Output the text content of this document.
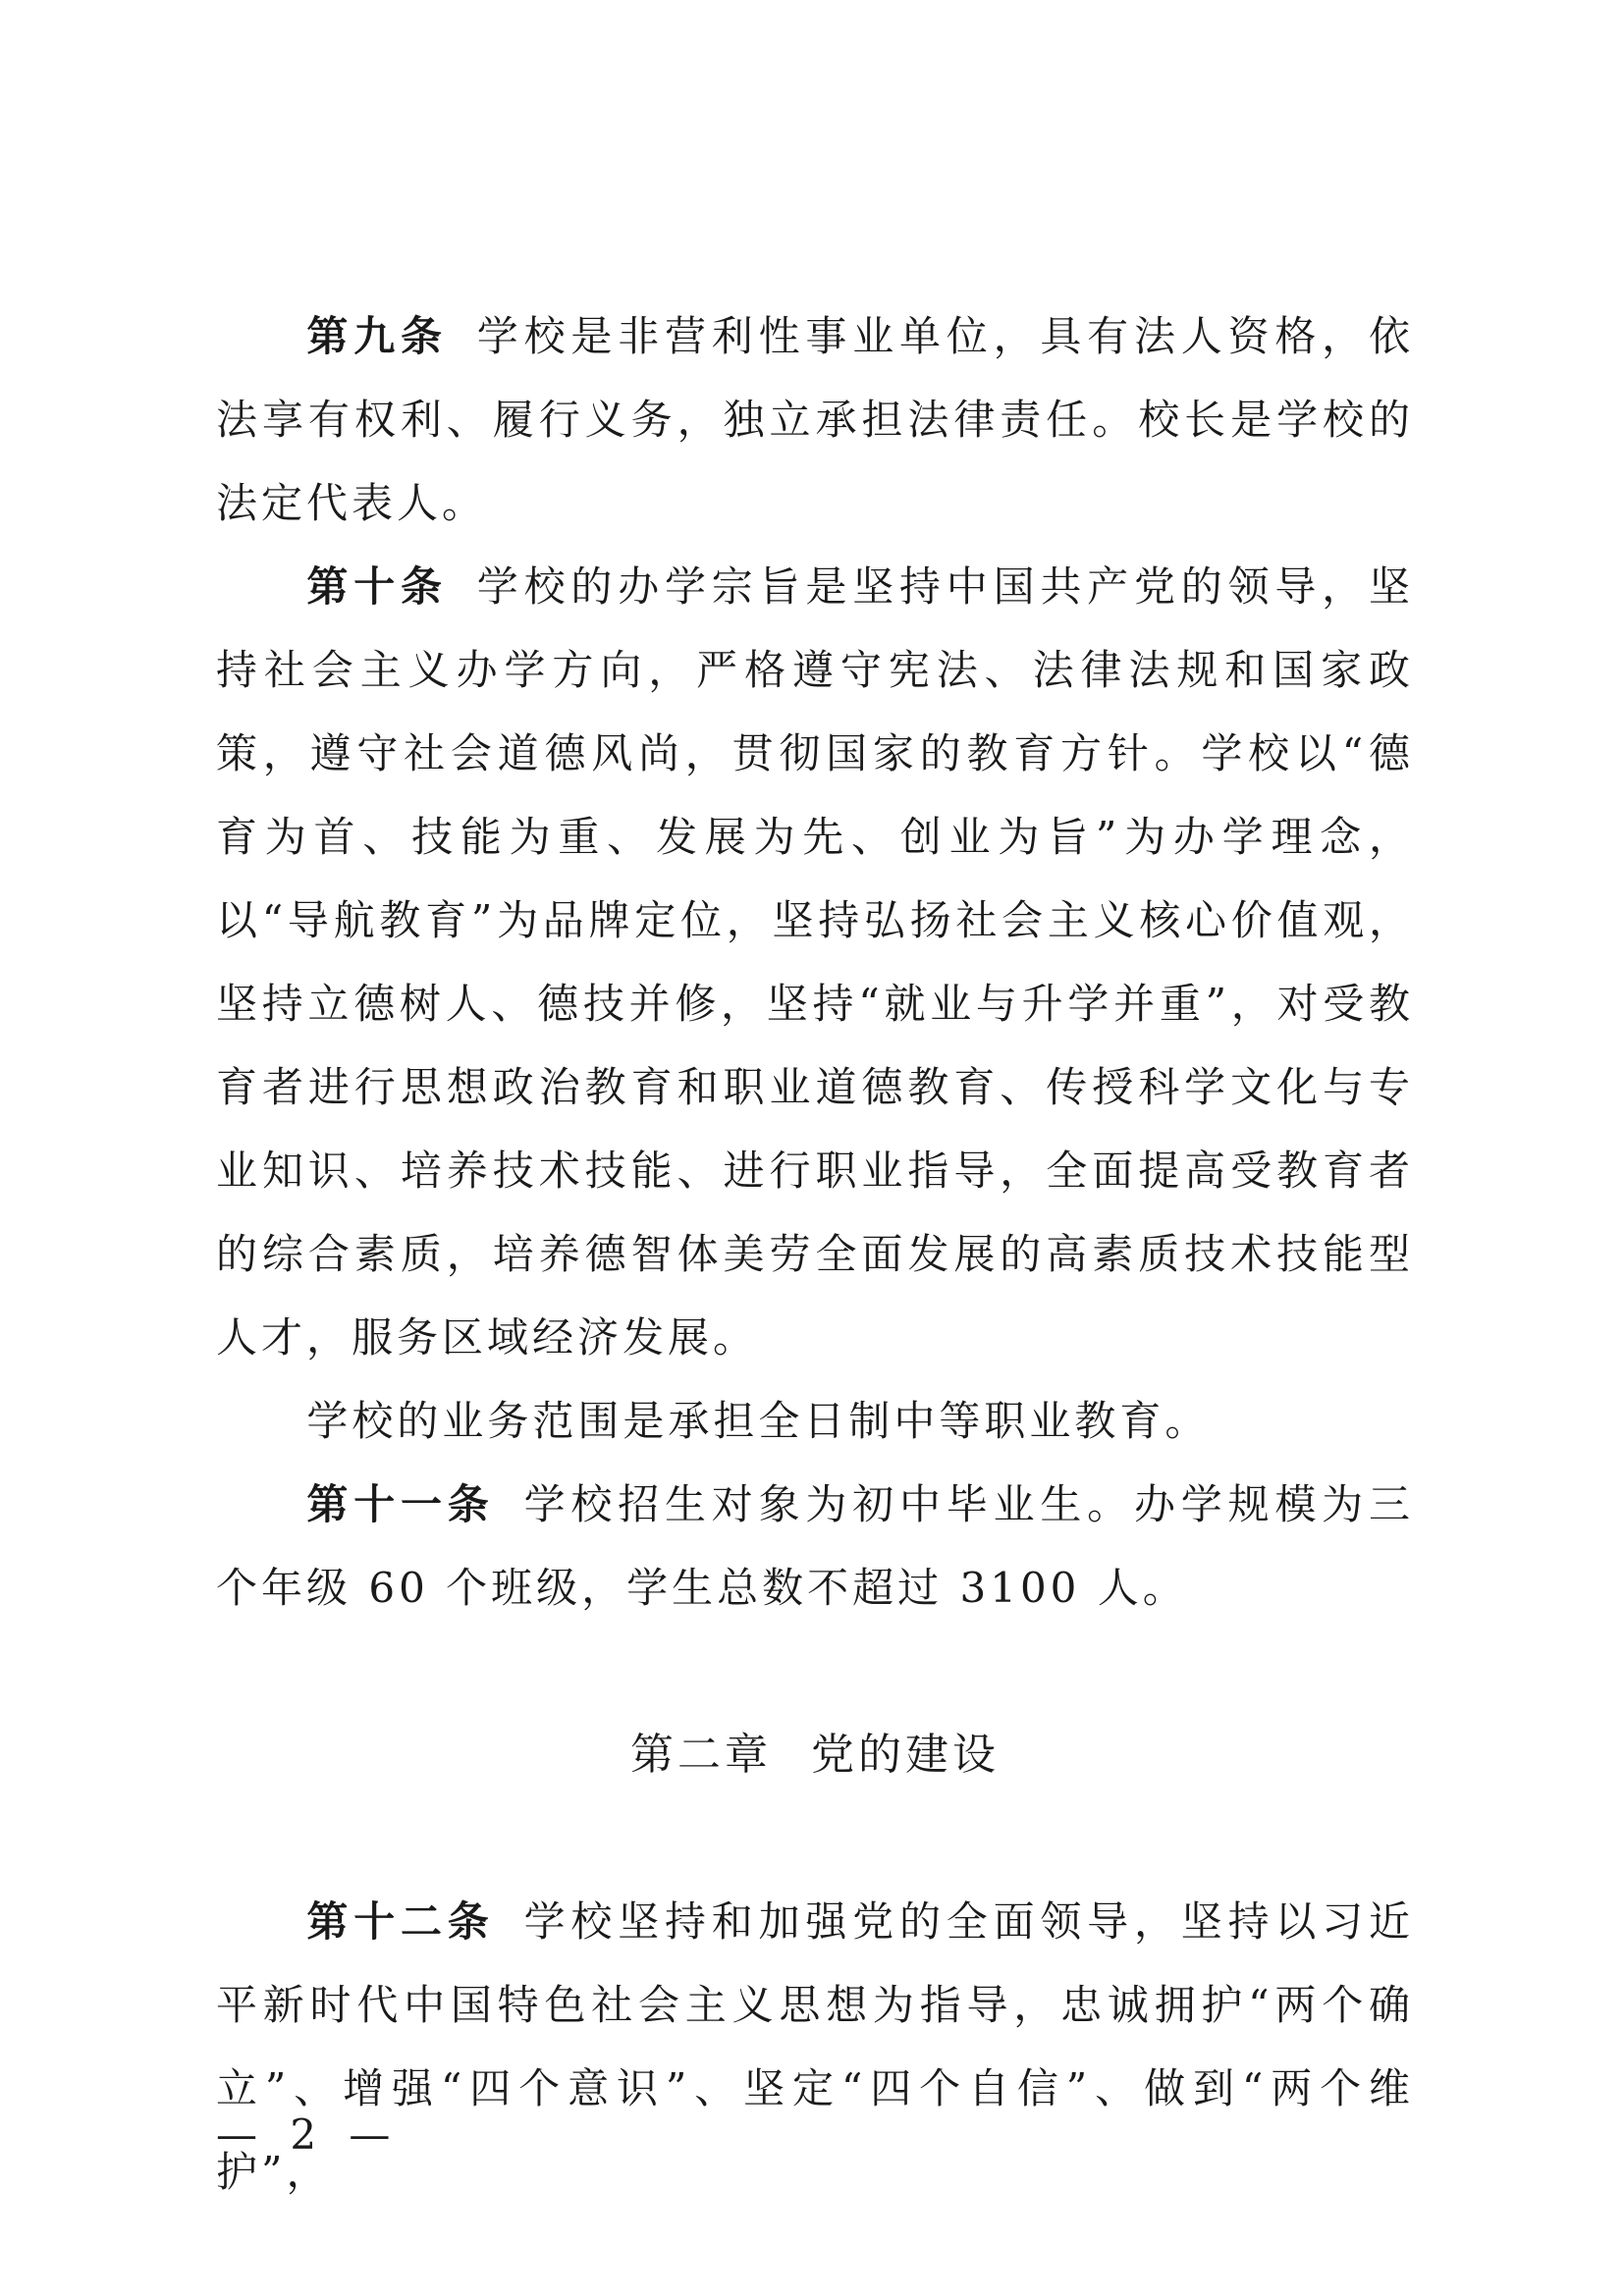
第九条 学校是非营利性事业单位，具有法人资格，依法享有权利、履行义务，独立承担法律责任。校长是学校的法定代表人。

第十条 学校的办学宗旨是坚持中国共产党的领导，坚持社会主义办学方向，严格遵守宪法、法律法规和国家政策，遵守社会道德风尚，贯彻国家的教育方针。学校以“德育为首、技能为重、发展为先、创业为旨”为办学理念，以“导航教育”为品牌定位，坚持弘扬社会主义核心价值观，坚持立德树人、德技并修，坚持“就业与升学并重”，对受教育者进行思想政治教育和职业道德教育、传授科学文化与专业知识、培养技术技能、进行职业指导，全面提高受教育者的综合素质，培养德智体美劳全面发展的高素质技术技能型人才，服务区域经济发展。

学校的业务范围是承担全日制中等职业教育。

第十一条 学校招生对象为初中毕业生。办学规模为三个年级 60 个班级，学生总数不超过 3100 人。

第二章 党的建设

第十二条 学校坚持和加强党的全面领导，坚持以习近平新时代中国特色社会主义思想为指导，忠诚拥护“两个确立”、增强“四个意识”、坚定“四个自信”、做到“两个维护”，

— 2 —
